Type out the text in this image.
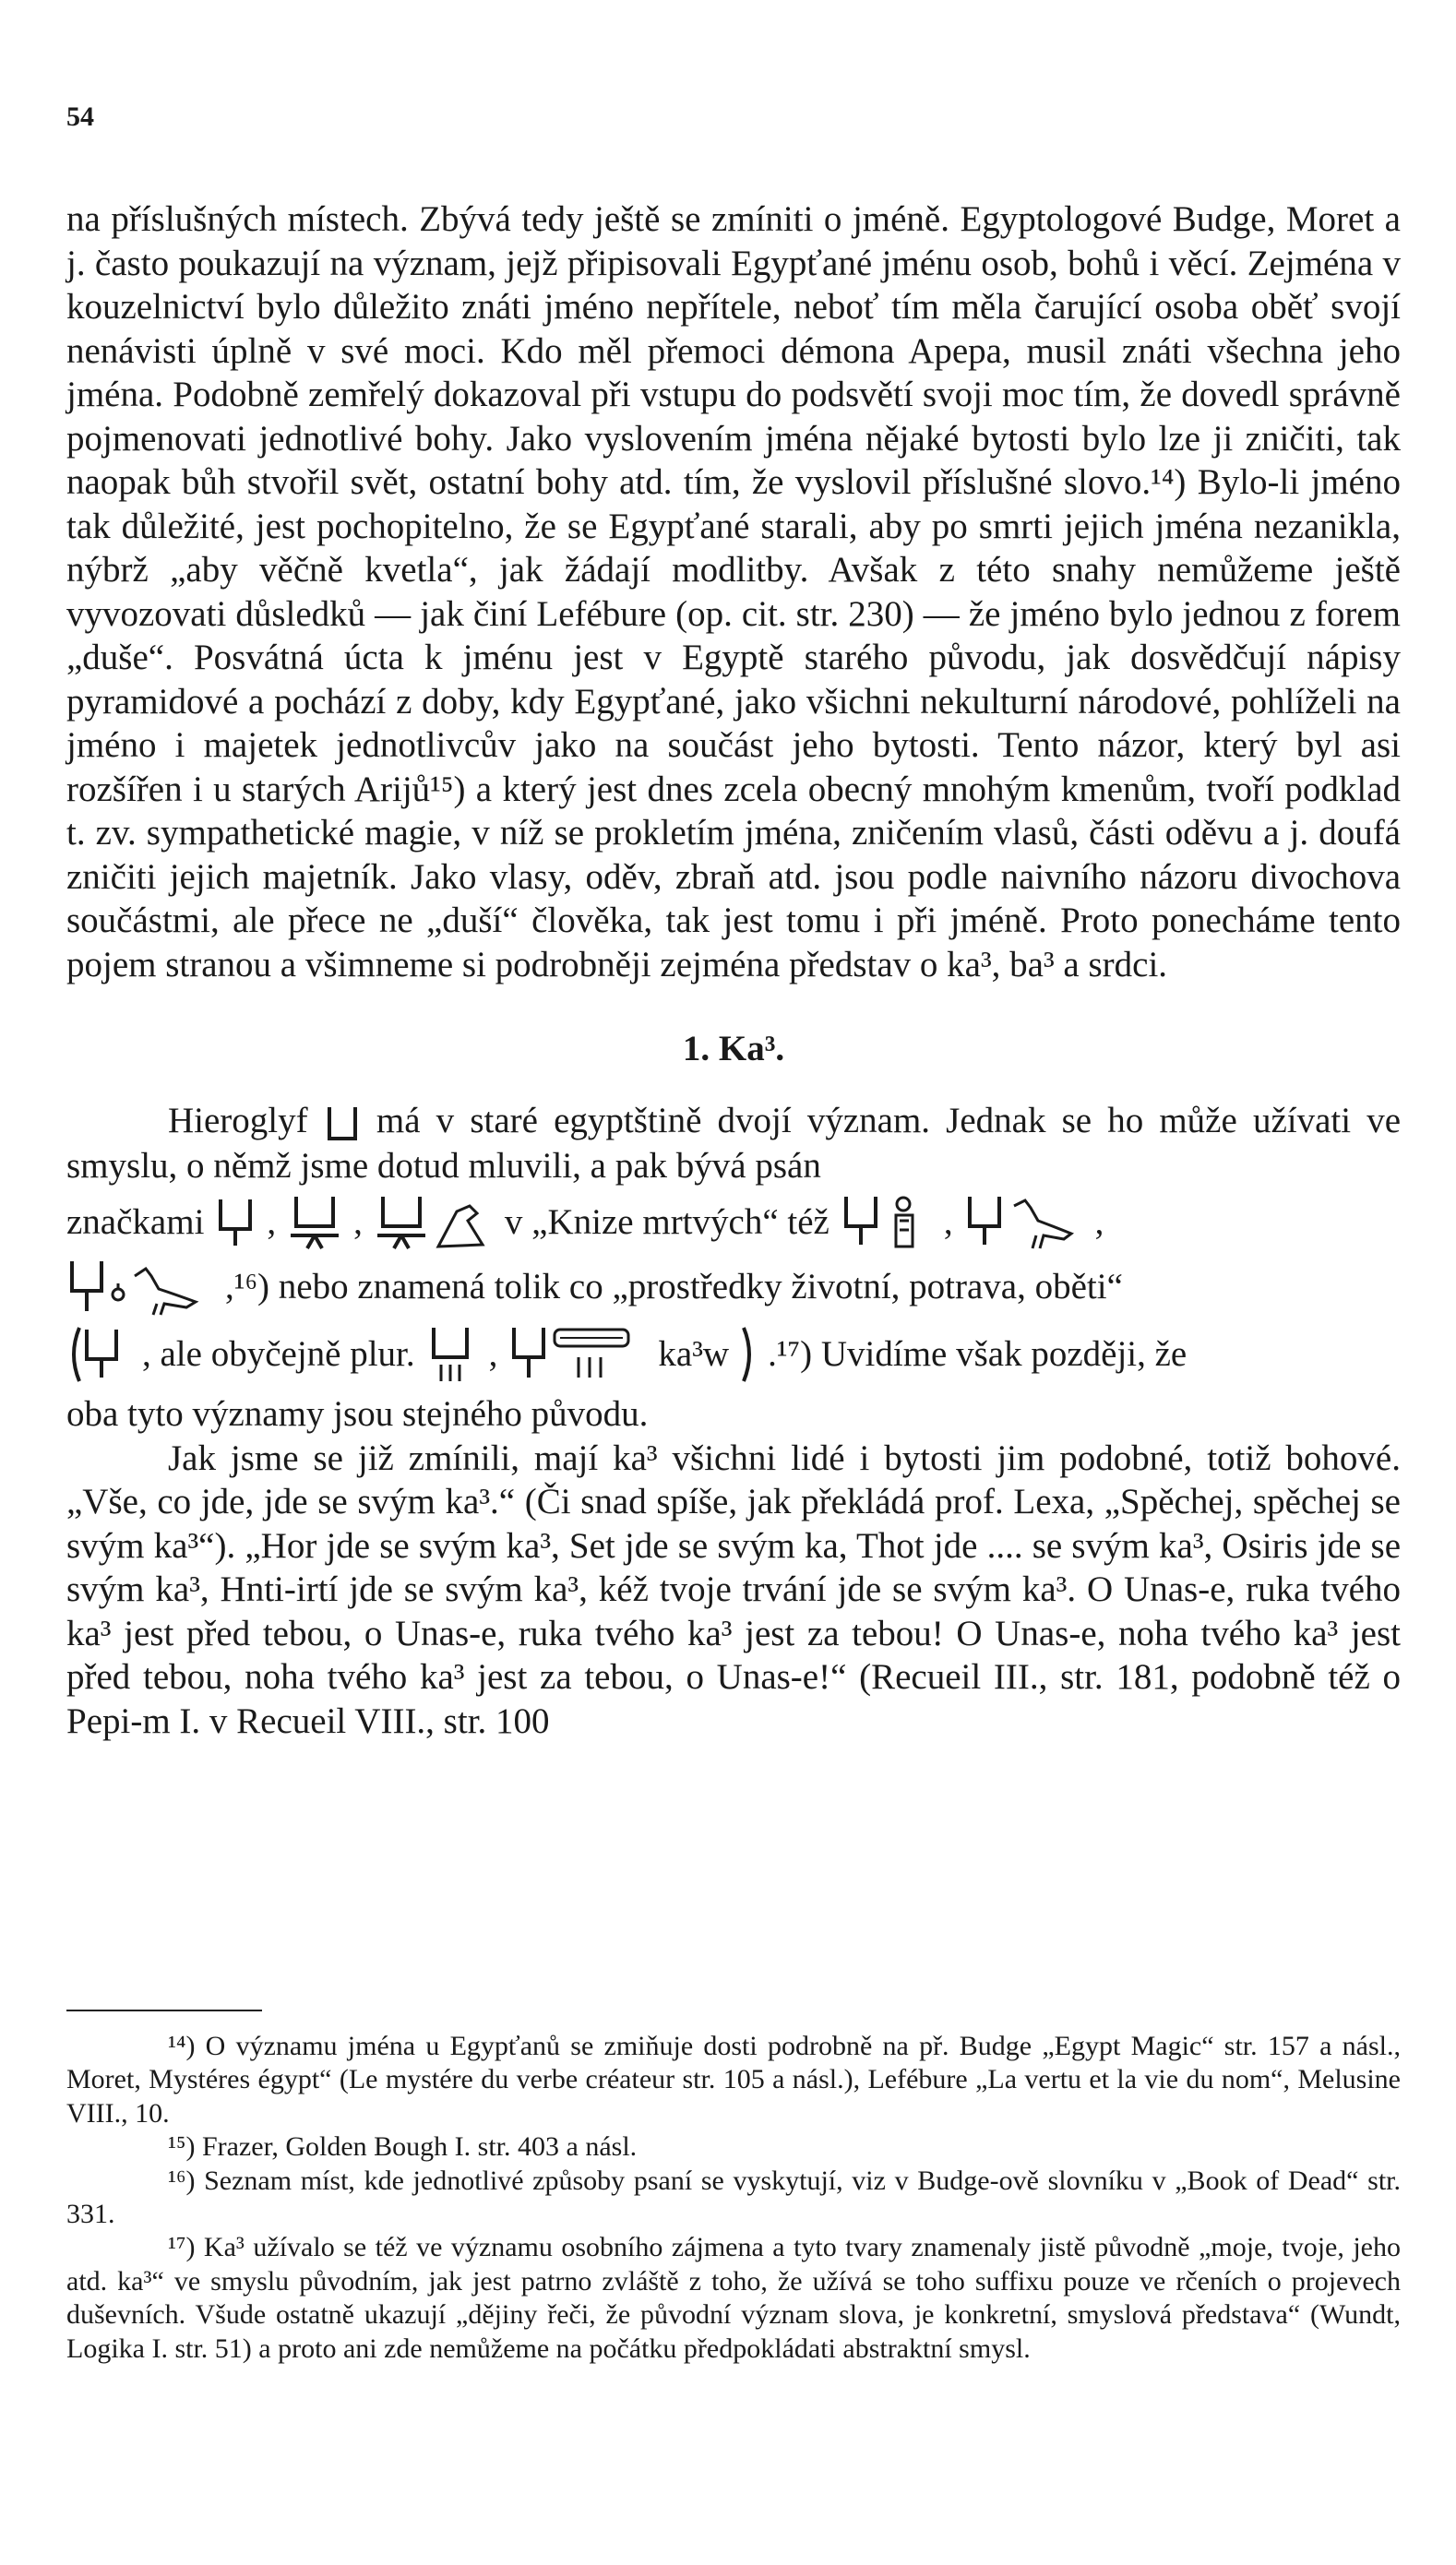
54

na příslušných místech. Zbývá tedy ještě se zmíniti o jméně. Egyptologové Budge, Moret a j. často poukazují na význam, jejž připisovali Egypťané jménu osob, bohů i věcí. Zejména v kouzelnictví bylo důležito znáti jméno nepřítele, neboť tím měla čarující osoba oběť svojí nenávisti úplně v své moci. Kdo měl přemoci démona Apepa, musil znáti všechna jeho jména. Podobně zemřelý dokazoval při vstupu do podsvětí svoji moc tím, že dovedl správně pojmenovati jednotlivé bohy. Jako vyslovením jména nějaké bytosti bylo lze ji zničiti, tak naopak bůh stvořil svět, ostatní bohy atd. tím, že vyslovil příslušné slovo.¹⁴) Bylo-li jméno tak důležité, jest pochopitelno, že se Egypťané starali, aby po smrti jejich jména nezanikla, nýbrž „aby věčně kvetla“, jak žádají modlitby. Avšak z této snahy nemůžeme ještě vyvozovati důsledků — jak činí Lefébure (op. cit. str. 230) — že jméno bylo jednou z forem „duše“. Posvátná úcta k jménu jest v Egyptě starého původu, jak dosvědčují nápisy pyramidové a pochází z doby, kdy Egypťané, jako všichni nekulturní národové, pohlíželi na jméno i majetek jednotlivcův jako na součást jeho bytosti. Tento názor, který byl asi rozšířen i u starých Arijů¹⁵) a který jest dnes zcela obecný mnohým kmenům, tvoří podklad t. zv. sympathetické magie, v níž se prokletím jména, zničením vlasů, části oděvu a j. doufá zničiti jejich majetník. Jako vlasy, oděv, zbraň atd. jsou podle naivního názoru divochova součástmi, ale přece ne „duší“ člověka, tak jest tomu i při jméně. Proto ponecháme tento pojem stranou a všimneme si podrobněji zejména představ o ka³, ba³ a srdci.

1. Ka³.

Hieroglyf má v staré egyptštině dvojí význam. Jednak se ho může užívati ve smyslu, o němž jsme dotud mluvili, a pak bývá psán

značkami , ,	v „Knize mrtvých“ též	,	,
,¹⁶) nebo znamená tolik co „prostředky životní, potrava, oběti“
, ale obyčejně plur. ,	ka³w .¹⁷) Uvidíme však později, že

oba tyto významy jsou stejného původu.

Jak jsme se již zmínili, mají ka³ všichni lidé i bytosti jim podobné, totiž bohové. „Vše, co jde, jde se svým ka³.“ (Či snad spíše, jak překládá prof. Lexa, „Spěchej, spěchej se svým ka³“). „Hor jde se svým ka³, Set jde se svým ka, Thot jde .... se svým ka³, Osiris jde se svým ka³, Hnti-irtí jde se svým ka³, kéž tvoje trvání jde se svým ka³. O Unas-e, ruka tvého ka³ jest před tebou, o Unas-e, ruka tvého ka³ jest za tebou! O Unas-e, noha tvého ka³ jest před tebou, noha tvého ka³ jest za tebou, o Unas-e!“ (Recueil III., str. 181, podobně též o Pepi-m I. v Recueil VIII., str. 100

¹⁴) O významu jména u Egypťanů se zmiňuje dosti podrobně na př. Budge „Egypt Magic“ str. 157 a násl., Moret, Mystéres égypt“ (Le mystére du verbe créateur str. 105 a násl.), Lefébure „La vertu et la vie du nom“, Melusine VIII., 10.

¹⁵) Frazer, Golden Bough I. str. 403 a násl.

¹⁶) Seznam míst, kde jednotlivé způsoby psaní se vyskytují, viz v Budge-ově slovníku v „Book of Dead“ str. 331.

¹⁷) Ka³ užívalo se též ve významu osobního zájmena a tyto tvary znamenaly jistě původně „moje, tvoje, jeho atd. ka³“ ve smyslu původním, jak jest patrno zvláště z toho, že užívá se toho suffixu pouze ve rčeních o projevech duševních. Všude ostatně ukazují „dějiny řeči, že původní význam slova, je konkretní, smyslová představa“ (Wundt, Logika I. str. 51) a proto ani zde nemůžeme na počátku předpokládati abstraktní smysl.
